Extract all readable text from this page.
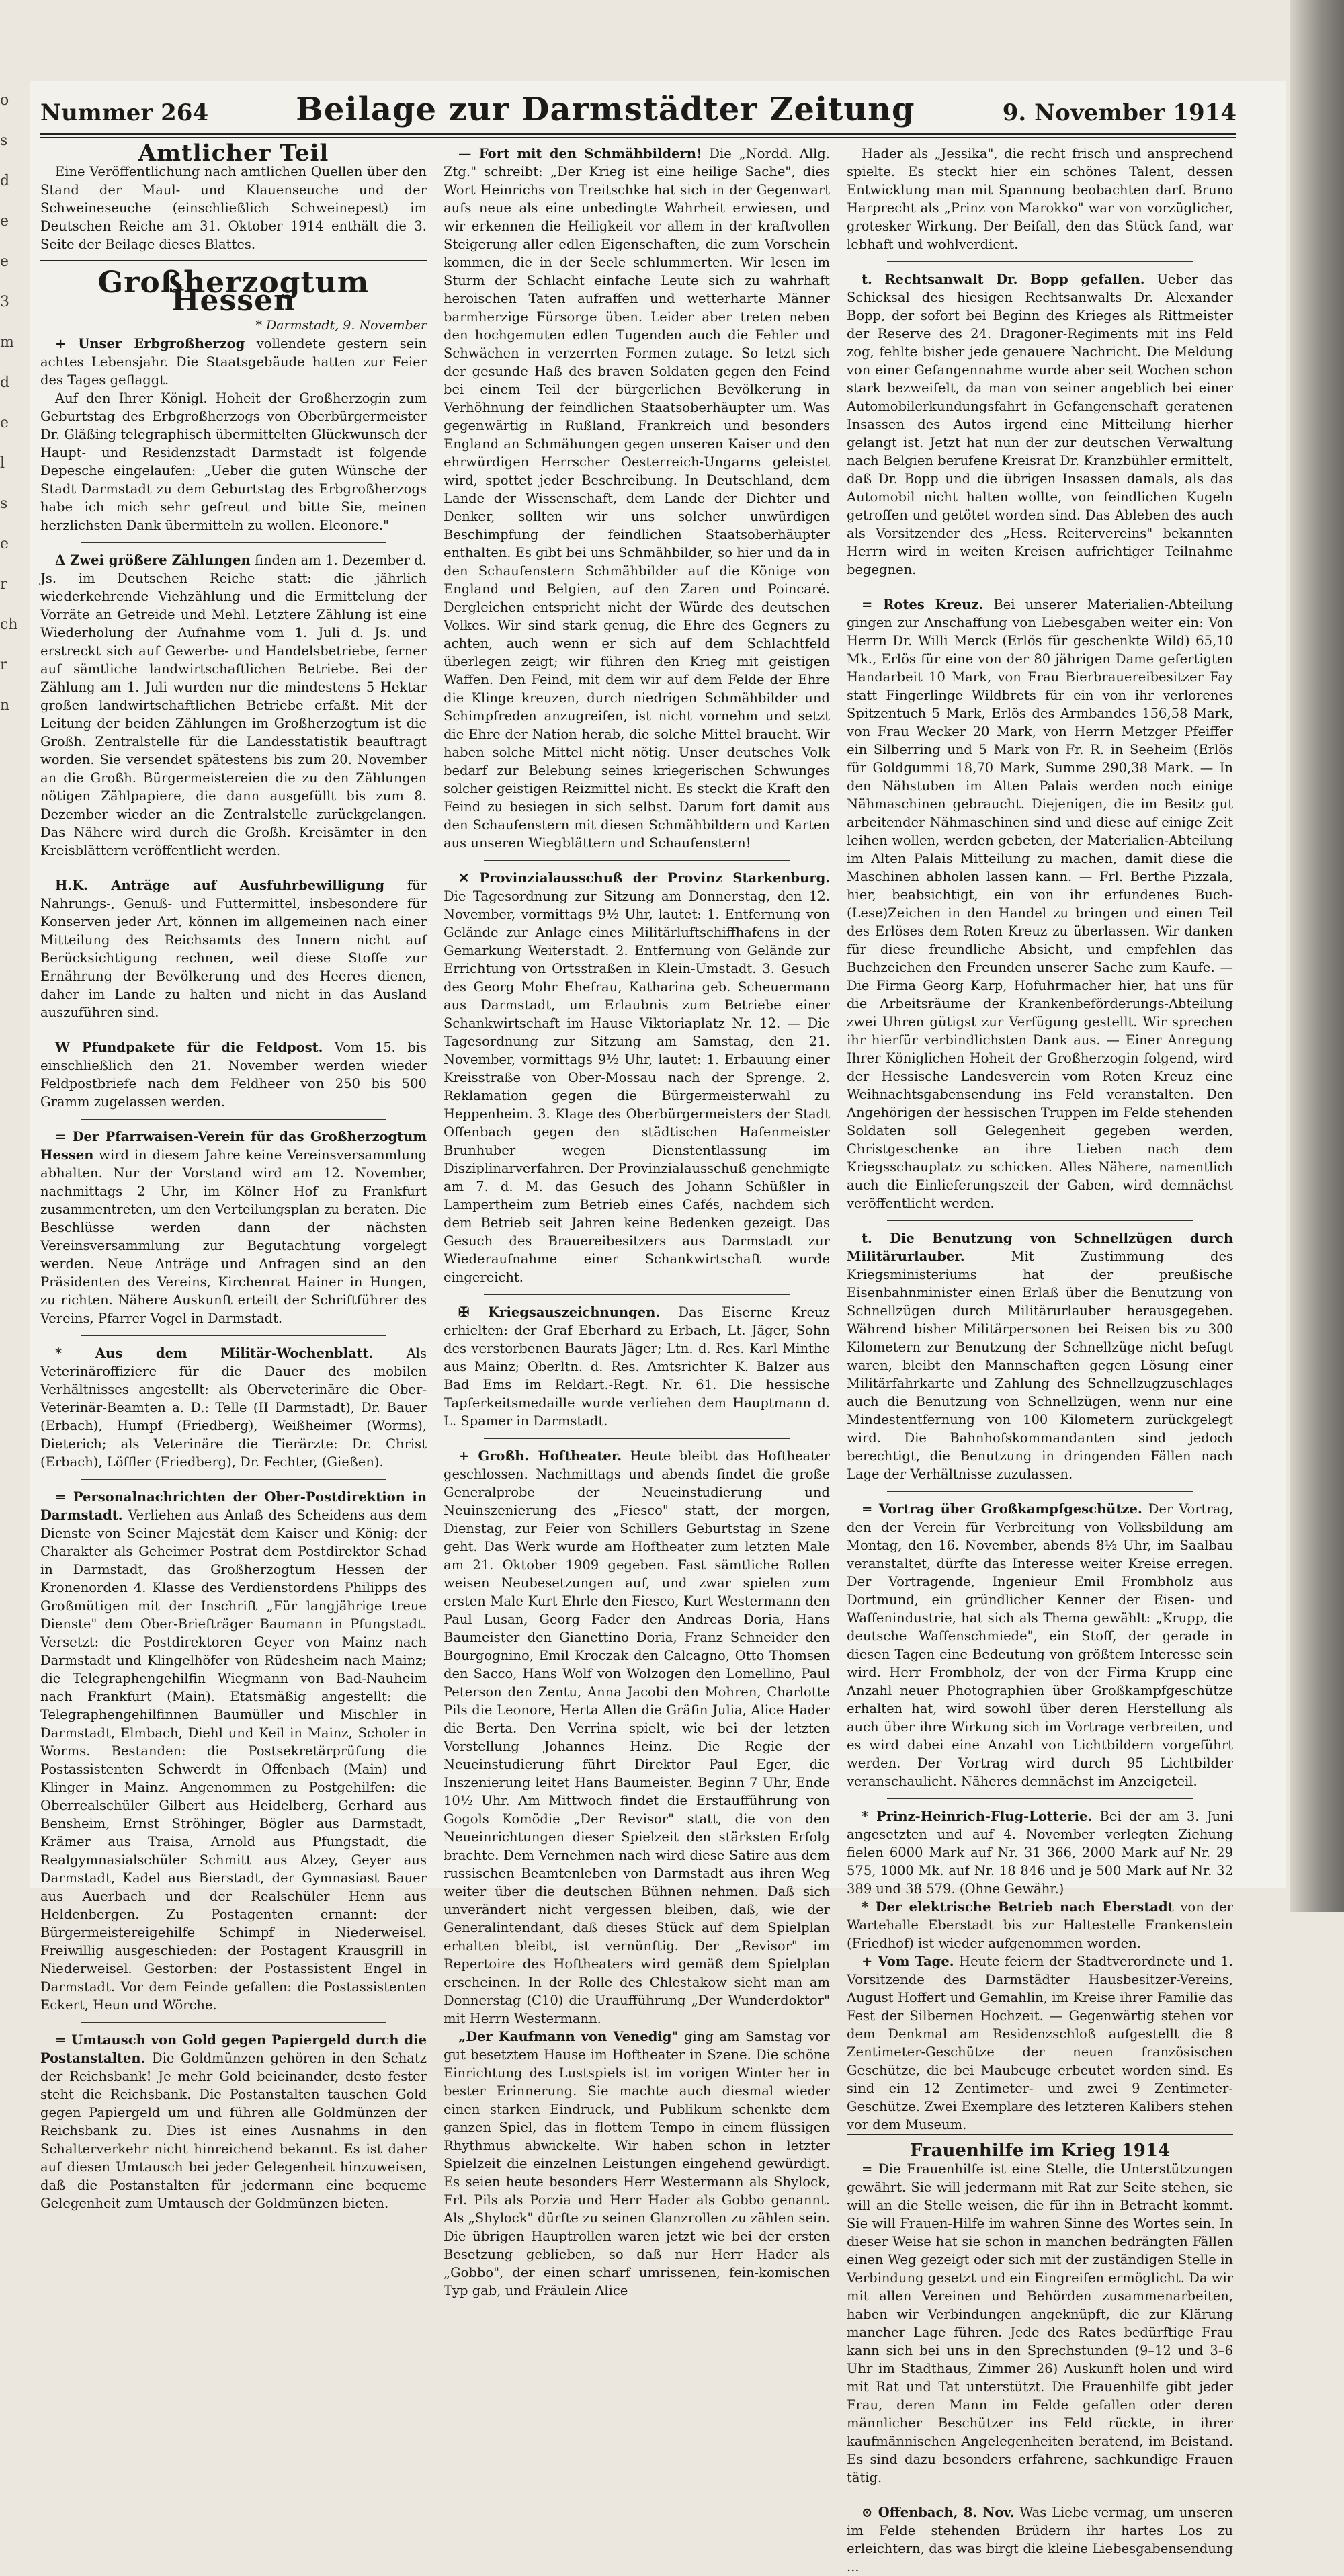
o
s
d
e
e
3
m
d
e
l
s
e
r
ch
r
n
Nummer 264	Beilage zur Darmstädter Zeitung	9. November 1914

Amtlicher Teil

Eine Veröffentlichung nach amtlichen Quellen über den Stand der Maul- und Klauenseuche und der Schweineseuche (einschließlich Schweinepest) im Deutschen Reiche am 31. Oktober 1914 enthält die 3. Seite der Beilage dieses Blattes.

Großherzogtum Hessen

* Darmstadt, 9. November

+ Unser Erbgroßherzog vollendete gestern sein achtes Lebensjahr. Die Staatsgebäude hatten zur Feier des Tages geflaggt.

Auf den Ihrer Königl. Hoheit der Großherzogin zum Geburtstag des Erbgroßherzogs von Oberbürgermeister Dr. Gläßing telegraphisch übermittelten Glückwunsch der Haupt- und Residenzstadt Darmstadt ist folgende Depesche eingelaufen: „Ueber die guten Wünsche der Stadt Darmstadt zu dem Geburtstag des Erbgroßherzogs habe ich mich sehr gefreut und bitte Sie, meinen herzlichsten Dank übermitteln zu wollen. Eleonore."

Δ Zwei größere Zählungen finden am 1. Dezember d. Js. im Deutschen Reiche statt: die jährlich wiederkehrende Viehzählung und die Ermittelung der Vorräte an Getreide und Mehl. Letztere Zählung ist eine Wiederholung der Aufnahme vom 1. Juli d. Js. und erstreckt sich auf Gewerbe- und Handelsbetriebe, ferner auf sämtliche landwirtschaftlichen Betriebe. Bei der Zählung am 1. Juli wurden nur die mindestens 5 Hektar großen landwirtschaftlichen Betriebe erfaßt. Mit der Leitung der beiden Zählungen im Großherzogtum ist die Großh. Zentralstelle für die Landesstatistik beauftragt worden. Sie versendet spätestens bis zum 20. November an die Großh. Bürgermeistereien die zu den Zählungen nötigen Zählpapiere, die dann ausgefüllt bis zum 8. Dezember wieder an die Zentralstelle zurückgelangen. Das Nähere wird durch die Großh. Kreisämter in den Kreisblättern veröffentlicht werden.

H.K. Anträge auf Ausfuhrbewilligung für Nahrungs-, Genuß- und Futtermittel, insbesondere für Konserven jeder Art, können im allgemeinen nach einer Mitteilung des Reichsamts des Innern nicht auf Berücksichtigung rechnen, weil diese Stoffe zur Ernährung der Bevölkerung und des Heeres dienen, daher im Lande zu halten und nicht in das Ausland auszuführen sind.

W Pfundpakete für die Feldpost. Vom 15. bis einschließlich den 21. November werden wieder Feldpostbriefe nach dem Feldheer von 250 bis 500 Gramm zugelassen werden.

= Der Pfarrwaisen-Verein für das Großherzogtum Hessen wird in diesem Jahre keine Vereinsversammlung abhalten. Nur der Vorstand wird am 12. November, nachmittags 2 Uhr, im Kölner Hof zu Frankfurt zusammentreten, um den Verteilungsplan zu beraten. Die Beschlüsse werden dann der nächsten Vereinsversammlung zur Begutachtung vorgelegt werden. Neue Anträge und Anfragen sind an den Präsidenten des Vereins, Kirchenrat Hainer in Hungen, zu richten. Nähere Auskunft erteilt der Schriftführer des Vereins, Pfarrer Vogel in Darmstadt.

* Aus dem Militär-Wochenblatt.	Als Veterinäroffiziere für die Dauer des mobilen Verhältnisses angestellt: als Oberveterinäre die Ober-Veterinär-Beamten a. D.: Telle (II Darmstadt), Dr. Bauer (Erbach), Humpf (Friedberg), Weißheimer (Worms), Dieterich; als Veterinäre die Tierärzte: Dr. Christ (Erbach), Löffler (Friedberg), Dr. Fechter, (Gießen).

= Personalnachrichten der Ober-Postdirektion in Darmstadt. Verliehen aus Anlaß des Scheidens aus dem Dienste von Seiner Majestät dem Kaiser und König: der Charakter als Geheimer Postrat dem Postdirektor Schad in Darmstadt, das Großherzogtum Hessen der Kronenorden 4. Klasse des Verdienstordens Philipps des Großmütigen mit der Inschrift „Für langjährige treue Dienste" dem Ober-Briefträger Baumann in Pfungstadt. Versetzt: die Postdirektoren Geyer von Mainz nach Darmstadt und Klingelhöfer von Rüdesheim nach Mainz; die Telegraphengehilfin Wiegmann von Bad-Nauheim nach Frankfurt (Main). Etatsmäßig angestellt: die Telegraphengehilfinnen Baumüller und Mischler in Darmstadt, Elmbach, Diehl und Keil in Mainz, Scholer in Worms. Bestanden: die Postsekretärprüfung die Postassistenten Schwerdt in Offenbach (Main) und Klinger in Mainz. Angenommen zu Postgehilfen: die Oberrealschüler Gilbert aus Heidelberg, Gerhard aus Bensheim, Ernst Ströhinger, Bögler aus Darmstadt, Krämer aus Traisa, Arnold aus Pfungstadt, die Realgymnasialschüler Schmitt aus Alzey, Geyer aus Darmstadt, Kadel aus Bierstadt, der Gymnasiast Bauer aus Auerbach und der Realschüler Henn aus Heldenbergen. Zu Postagenten ernannt: der Bürgermeistereigehilfe Schimpf in Niederweisel. Freiwillig ausgeschieden: der Postagent Krausgrill in Niederweisel. Gestorben: der Postassistent Engel in Darmstadt. Vor dem Feinde gefallen: die Postassistenten Eckert, Heun und Wörche.

= Umtausch von Gold gegen Papiergeld durch die Postanstalten. Die Goldmünzen gehören in den Schatz der Reichsbank! Je mehr Gold beieinander, desto fester steht die Reichsbank. Die Postanstalten tauschen Gold gegen Papiergeld um und führen alle Goldmünzen der Reichsbank zu. Dies ist eines Ausnahms in den Schalterverkehr nicht hinreichend bekannt. Es ist daher auf diesen Umtausch bei jeder Gelegenheit hinzuweisen, daß die Postanstalten für jedermann eine bequeme Gelegenheit zum Umtausch der Goldmünzen bieten.

— Fort mit den Schmähbildern! Die „Nordd. Allg. Ztg." schreibt: „Der Krieg ist eine heilige Sache", dies Wort Heinrichs von Treitschke hat sich in der Gegenwart aufs neue als eine unbedingte Wahrheit erwiesen, und wir erkennen die Heiligkeit vor allem in der kraftvollen Steigerung aller edlen Eigenschaften, die zum Vorschein kommen, die in der Seele schlummerten. Wir lesen im Sturm der Schlacht einfache Leute sich zu wahrhaft heroischen Taten aufraffen und wetterharte Männer barmherzige Fürsorge üben. Leider aber treten neben den hochgemuten edlen Tugenden auch die Fehler und Schwächen in verzerrten Formen zutage. So letzt sich der gesunde Haß des braven Soldaten gegen den Feind bei einem Teil der bürgerlichen Bevölkerung in Verhöhnung der feindlichen Staatsoberhäupter um. Was gegenwärtig in Rußland, Frankreich und besonders England an Schmähungen gegen unseren Kaiser und den ehrwürdigen Herrscher Oesterreich-Ungarns geleistet wird, spottet jeder Beschreibung. In Deutschland, dem Lande der Wissenschaft, dem Lande der Dichter und Denker, sollten wir uns solcher unwürdigen Beschimpfung der feindlichen Staatsoberhäupter enthalten. Es gibt bei uns Schmähbilder, so hier und da in den Schaufenstern Schmähbilder auf die Könige von England und Belgien, auf den Zaren und Poincaré. Dergleichen entspricht nicht der Würde des deutschen Volkes. Wir sind stark genug, die Ehre des Gegners zu achten, auch wenn er sich auf dem Schlachtfeld überlegen zeigt; wir führen den Krieg mit geistigen Waffen. Den Feind, mit dem wir auf dem Felde der Ehre die Klinge kreuzen, durch niedrigen Schmähbilder und Schimpfreden anzugreifen, ist nicht vornehm und setzt die Ehre der Nation herab, die solche Mittel braucht. Wir haben solche Mittel nicht nötig. Unser deutsches Volk bedarf zur Belebung seines kriegerischen Schwunges solcher geistigen Reizmittel nicht. Es steckt die Kraft den Feind zu besiegen in sich selbst. Darum fort damit aus den Schaufenstern mit diesen Schmähbildern und Karten aus unseren Wiegblättern und Schaufenstern!

✕ Provinzialausschuß der Provinz Starkenburg. Die Tagesordnung zur Sitzung am Donnerstag, den 12. November, vormittags 9½ Uhr, lautet: 1. Entfernung von Gelände zur Anlage eines Militärluftschiffhafens in der Gemarkung Weiterstadt. 2. Entfernung von Gelände zur Errichtung von Ortsstraßen in Klein-Umstadt. 3. Gesuch des Georg Mohr Ehefrau, Katharina geb. Scheuermann aus Darmstadt, um Erlaubnis zum Betriebe einer Schankwirtschaft im Hause Viktoriaplatz Nr. 12. — Die Tagesordnung zur Sitzung am Samstag, den 21. November, vormittags 9½ Uhr, lautet: 1. Erbauung einer Kreisstraße von Ober-Mossau nach der Sprenge. 2. Reklamation gegen die Bürgermeisterwahl zu Heppenheim. 3. Klage des Oberbürgermeisters der Stadt Offenbach gegen den städtischen Hafenmeister Brunhuber wegen Dienstentlassung im Disziplinarverfahren. Der Provinzialausschuß genehmigte am 7. d. M. das Gesuch des Johann Schüßler in Lampertheim zum Betrieb eines Cafés, nachdem sich dem Betrieb seit Jahren keine Bedenken gezeigt. Das Gesuch des Brauereibesitzers aus Darmstadt zur Wiederaufnahme einer Schankwirtschaft wurde eingereicht.

✠ Kriegsauszeichnungen. Das Eiserne Kreuz erhielten: der Graf Eberhard zu Erbach, Lt. Jäger, Sohn des verstorbenen Baurats Jäger; Ltn. d. Res. Karl Minthe aus Mainz; Oberltn. d. Res. Amtsrichter K. Balzer aus Bad Ems im Reldart.-Regt. Nr. 61. Die hessische Tapferkeitsmedaille wurde verliehen dem Hauptmann d. L. Spamer in Darmstadt.

+ Großh. Hoftheater. Heute bleibt das Hoftheater geschlossen. Nachmittags und abends findet die große Generalprobe der Neueinstudierung und Neuinszenierung des „Fiesco" statt, der morgen, Dienstag, zur Feier von Schillers Geburtstag in Szene geht. Das Werk wurde am Hoftheater zum letzten Male am 21. Oktober 1909 gegeben. Fast sämtliche Rollen weisen Neubesetzungen auf, und zwar spielen zum ersten Male Kurt Ehrle den Fiesco, Kurt Westermann den Paul Lusan, Georg Fader den Andreas Doria, Hans Baumeister den Gianettino Doria, Franz Schneider den Bourgognino, Emil Kroczak den Calcagno, Otto Thomsen den Sacco, Hans Wolf von Wolzogen den Lomellino, Paul Peterson den Zentu, Anna Jacobi den Mohren, Charlotte Pils die Leonore, Herta Allen die Gräfin Julia, Alice Hader die Berta. Den Verrina spielt, wie bei der letzten Vorstellung Johannes Heinz. Die Regie der Neueinstudierung führt Direktor Paul Eger, die Inszenierung leitet Hans Baumeister. Beginn 7 Uhr, Ende 10½ Uhr. Am Mittwoch findet die Erstaufführung von Gogols Komödie „Der Revisor" statt, die von den Neueinrichtungen dieser Spielzeit den stärksten Erfolg brachte. Dem Vernehmen nach wird diese Satire aus dem russischen Beamtenleben von Darmstadt aus ihren Weg weiter über die deutschen Bühnen nehmen. Daß sich unverändert nicht vergessen bleiben, daß, wie der Generalintendant, daß dieses Stück auf dem Spielplan erhalten bleibt, ist vernünftig. Der „Revisor" im Repertoire des Hoftheaters wird gemäß dem Spielplan erscheinen. In der Rolle des Chlestakow sieht man am Donnerstag (C10) die Uraufführung „Der Wunderdoktor" mit Herrn Westermann.

„Der Kaufmann von Venedig" ging am Samstag vor gut besetztem Hause im Hoftheater in Szene. Die schöne Einrichtung des Lustspiels ist im vorigen Winter her in bester Erinnerung. Sie machte auch diesmal wieder einen starken Eindruck, und Publikum schenkte dem ganzen Spiel, das in flottem Tempo in einem flüssigen Rhythmus abwickelte. Wir haben schon in letzter Spielzeit die einzelnen Leistungen eingehend gewürdigt. Es seien heute besonders Herr Westermann als Shylock, Frl. Pils als Porzia und Herr Hader als Gobbo genannt. Als „Shylock" dürfte zu seinen Glanzrollen zu zählen sein. Die übrigen Hauptrollen waren jetzt wie bei der ersten Besetzung geblieben, so daß nur Herr Hader als „Gobbo", der einen scharf umrissenen, fein-komischen Typ gab, und Fräulein Alice

Hader als „Jessika", die recht frisch und ansprechend spielte. Es steckt hier ein schönes Talent, dessen Entwicklung man mit Spannung beobachten darf. Bruno Harprecht als „Prinz von Marokko" war von vorzüglicher, grotesker Wirkung. Der Beifall, den das Stück fand, war lebhaft und wohlverdient.

t. Rechtsanwalt Dr. Bopp gefallen. Ueber das Schicksal des hiesigen Rechtsanwalts Dr. Alexander Bopp, der sofort bei Beginn des Krieges als Rittmeister der Reserve des 24. Dragoner-Regiments mit ins Feld zog, fehlte bisher jede genauere Nachricht. Die Meldung von einer Gefangennahme wurde aber seit Wochen schon stark bezweifelt, da man von seiner angeblich bei einer Automobilerkundungsfahrt in Gefangenschaft geratenen Insassen des Autos irgend eine Mitteilung hierher gelangt ist. Jetzt hat nun der zur deutschen Verwaltung nach Belgien berufene Kreisrat Dr. Kranzbühler ermittelt, daß Dr. Bopp und die übrigen Insassen damals, als das Automobil nicht halten wollte, von feindlichen Kugeln getroffen und getötet worden sind. Das Ableben des auch als Vorsitzender des „Hess. Reitervereins" bekannten Herrn wird in weiten Kreisen aufrichtiger Teilnahme begegnen.

= Rotes Kreuz. Bei unserer Materialien-Abteilung gingen zur Anschaffung von Liebesgaben weiter ein: Von Herrn Dr. Willi Merck (Erlös für geschenkte Wild) 65,10 Mk., Erlös für eine von der 80 jährigen Dame gefertigten Handarbeit 10 Mark, von Frau Bierbrauereibesitzer Fay statt Fingerlinge Wildbrets für ein von ihr verlorenes Spitzentuch 5 Mark, Erlös des Armbandes 156,58 Mark, von Frau Wecker 20 Mark, von Herrn Metzger Pfeiffer ein Silberring und 5 Mark von Fr. R. in Seeheim (Erlös für Goldgummi 18,70 Mark, Summe 290,38 Mark. — In den Nähstuben im Alten Palais werden noch einige Nähmaschinen gebraucht. Diejenigen, die im Besitz gut arbeitender Nähmaschinen sind und diese auf einige Zeit leihen wollen, werden gebeten, der Materialien-Abteilung im Alten Palais Mitteilung zu machen, damit diese die Maschinen abholen lassen kann. — Frl. Berthe Pizzala, hier, beabsichtigt, ein von ihr erfundenes Buch-(Lese)Zeichen in den Handel zu bringen und einen Teil des Erlöses dem Roten Kreuz zu überlassen. Wir danken für diese freundliche Absicht, und empfehlen das Buchzeichen den Freunden unserer Sache zum Kaufe. — Die Firma Georg Karp, Hofuhrmacher hier, hat uns für die Arbeitsräume der Krankenbeförderungs-Abteilung zwei Uhren gütigst zur Verfügung gestellt. Wir sprechen ihr hierfür verbindlichsten Dank aus. — Einer Anregung Ihrer Königlichen Hoheit der Großherzogin folgend, wird der Hessische Landesverein vom Roten Kreuz eine Weihnachtsgabensendung ins Feld veranstalten. Den Angehörigen der hessischen Truppen im Felde stehenden Soldaten soll Gelegenheit gegeben werden, Christgeschenke an ihre Lieben nach dem Kriegsschauplatz zu schicken. Alles Nähere, namentlich auch die Einlieferungszeit der Gaben, wird demnächst veröffentlicht werden.

t. Die Benutzung von Schnellzügen durch Militärurlauber.	Mit Zustimmung des Kriegsministeriums hat der preußische Eisenbahnminister einen Erlaß über die Benutzung von Schnellzügen durch Militärurlauber herausgegeben. Während bisher Militärpersonen bei Reisen bis zu 300 Kilometern zur Benutzung der Schnellzüge nicht befugt waren, bleibt den Mannschaften gegen Lösung einer Militärfahrkarte und Zahlung des Schnellzugzuschlages auch die Benutzung von Schnellzügen, wenn nur eine Mindestentfernung von 100 Kilometern zurückgelegt wird. Die Bahnhofskommandanten sind jedoch berechtigt, die Benutzung in dringenden Fällen nach Lage der Verhältnisse zuzulassen.

= Vortrag über Großkampfgeschütze. Der Vortrag, den der Verein für Verbreitung von Volksbildung am Montag, den 16. November, abends 8½ Uhr, im Saalbau veranstaltet, dürfte das Interesse weiter Kreise erregen. Der Vortragende, Ingenieur Emil Frombholz aus Dortmund, ein gründlicher Kenner der Eisen- und Waffenindustrie, hat sich als Thema gewählt: „Krupp, die deutsche Waffenschmiede", ein Stoff, der gerade in diesen Tagen eine Bedeutung von größtem Interesse sein wird. Herr Frombholz, der von der Firma Krupp eine Anzahl neuer Photographien über Großkampfgeschütze erhalten hat, wird sowohl über deren Herstellung als auch über ihre Wirkung sich im Vortrage verbreiten, und es wird dabei eine Anzahl von Lichtbildern vorgeführt werden. Der Vortrag wird durch 95 Lichtbilder veranschaulicht. Näheres demnächst im Anzeigeteil.

* Prinz-Heinrich-Flug-Lotterie. Bei der am 3. Juni angesetzten und auf 4. November verlegten Ziehung fielen 6000 Mark auf Nr. 31 366, 2000 Mark auf Nr. 29 575, 1000 Mk. auf Nr. 18 846 und je 500 Mark auf Nr. 32 389 und 38 579. (Ohne Gewähr.)

* Der elektrische Betrieb nach Eberstadt von der Wartehalle Eberstadt bis zur Haltestelle Frankenstein (Friedhof) ist wieder aufgenommen worden.

+ Vom Tage. Heute feiern der Stadtverordnete und 1. Vorsitzende des Darmstädter Hausbesitzer-Vereins, August Hoffert und Gemahlin, im Kreise ihrer Familie das Fest der Silbernen Hochzeit. — Gegenwärtig stehen vor dem Denkmal am Residenzschloß aufgestellt die 8 Zentimeter-Geschütze der neuen französischen Geschütze, die bei Maubeuge erbeutet worden sind. Es sind ein 12 Zentimeter- und zwei 9 Zentimeter-Geschütze. Zwei Exemplare des letzteren Kalibers stehen vor dem Museum.

Frauenhilfe im Krieg 1914

= Die Frauenhilfe ist eine Stelle, die Unterstützungen gewährt. Sie will jedermann mit Rat zur Seite stehen, sie will an die Stelle weisen, die für ihn in Betracht kommt. Sie will Frauen-Hilfe im wahren Sinne des Wortes sein. In dieser Weise hat sie schon in manchen bedrängten Fällen einen Weg gezeigt oder sich mit der zuständigen Stelle in Verbindung gesetzt und ein Eingreifen ermöglicht. Da wir mit allen Vereinen und Behörden zusammenarbeiten, haben wir Verbindungen angeknüpft, die zur Klärung mancher Lage führen. Jede des Rates bedürftige Frau kann sich bei uns in den Sprechstunden (9–12 und 3–6 Uhr im Stadthaus, Zimmer 26) Auskunft holen und wird mit Rat und Tat unterstützt. Die Frauenhilfe gibt jeder Frau, deren Mann im Felde gefallen oder deren männlicher Beschützer ins Feld rückte, in ihrer kaufmännischen Angelegenheiten beratend, im Beistand. Es sind dazu besonders erfahrene, sachkundige Frauen tätig.

⊙ Offenbach, 8. Nov. Was Liebe vermag, um unseren im Felde stehenden Brüdern ihr hartes Los zu erleichtern, das was birgt die kleine Liebesgabensendung ...
